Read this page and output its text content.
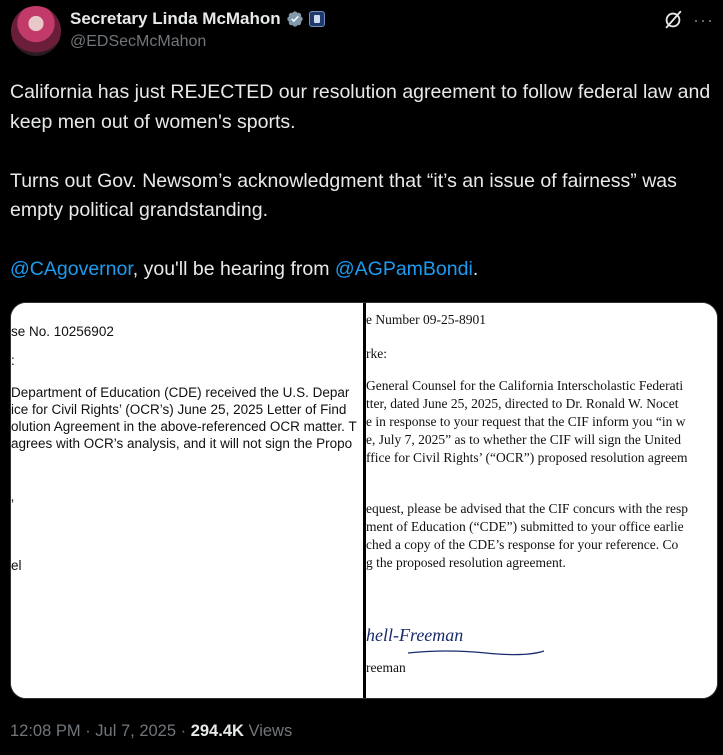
Secretary Linda McMahon
@EDSecMcMahon
···

California has just REJECTED our resolution agreement to follow federal law and keep men out of women's sports.

Turns out Gov. Newsom’s acknowledgment that “it’s an issue of fairness” was empty political grandstanding.

@CAgovernor, you'll be hearing from @AGPamBondi.

se No. 10256902
:
Department of Education (CDE) received the U.S. Depar
ice for Civil Rights’ (OCR’s) June 25, 2025 Letter of Find
olution Agreement in the above-referenced OCR matter. T
agrees with OCR’s analysis, and it will not sign the Propo
’
el
e Number 09-25-8901
rke:
General Counsel for the California Interscholastic Federati
tter, dated June 25, 2025, directed to Dr. Ronald W. Nocet
e in response to your request that the CIF inform you “in w
e, July 7, 2025” as to whether the CIF will sign the United
ffice for Civil Rights’ (“OCR”) proposed resolution agreem
equest, please be advised that the CIF concurs with the resp
ment of Education (“CDE”) submitted to your office earlie
ched a copy of the CDE’s response for your reference. Co
g the proposed resolution agreement.
hell-Freeman
reeman
12:08 PM · Jul 7, 2025 · 294.4K Views
